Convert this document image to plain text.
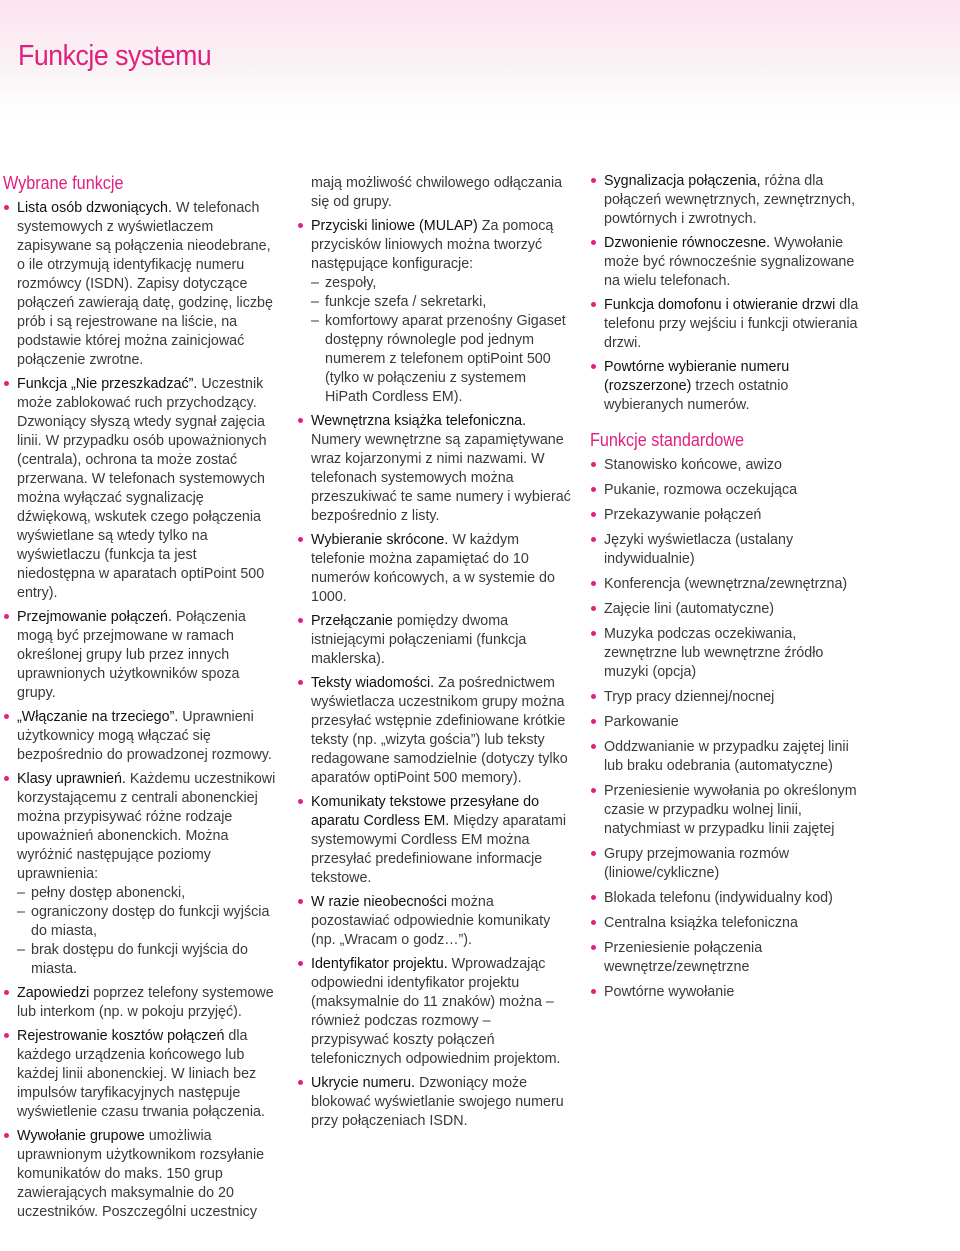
Funkcje systemu
Wybrane funkcje
Lista osób dzwoniących. W telefonach systemowych z wyświetlaczem zapisywane są połączenia nieodebrane, o ile otrzymują identyfikację numeru rozmówcy (ISDN). Zapisy dotyczące połączeń zawierają datę, godzinę, liczbę prób i są rejestrowane na liście, na podstawie której można zainicjować połączenie zwrotne.
Funkcja „Nie przeszkadzać”. Uczestnik może zablokować ruch przychodzący. Dzwoniący słyszą wtedy sygnał zajęcia linii. W przypadku osób upoważnionych (centrala), ochrona ta może zostać przerwana. W telefonach systemowych można wyłączać sygnalizację dźwiękową, wskutek czego połączenia wyświetlane są wtedy tylko na wyświetlaczu (funkcja ta jest niedostępna w aparatach optiPoint 500 entry).
Przejmowanie połączeń. Połączenia mogą być przejmowane w ramach określonej grupy lub przez innych uprawnionych użytkowników spoza grupy.
„Włączanie na trzeciego”. Uprawnieni użytkownicy mogą włączać się bezpośrednio do prowadzonej rozmowy.
Klasy uprawnień. Każdemu uczestnikowi korzystającemu z centrali abonenckiej można przypisywać różne rodzaje upoważnień abonenckich. Można wyróżnić następujące poziomy uprawnienia:
– pełny dostęp abonencki,
– ograniczony dostęp do funkcji wyjścia do miasta,
– brak dostępu do funkcji wyjścia do miasta.
Zapowiedzi poprzez telefony systemowe lub interkom (np. w pokoju przyjęć).
Rejestrowanie kosztów połączeń dla każdego urządzenia końcowego lub każdej linii abonenckiej. W liniach bez impulsów taryfikacyjnych następuje wyświetlenie czasu trwania połączenia.
Wywołanie grupowe umożliwia uprawnionym użytkownikom rozsyłanie komunikatów do maks. 150 grup zawierających maksymalnie do 20 uczestników. Poszczególni uczestnicy
mają możliwość chwilowego odłączania się od grupy.
Przyciski liniowe (MULAP) Za pomocą przycisków liniowych można tworzyć następujące konfiguracje:
– zespoły,
– funkcje szefa / sekretarki,
– komfortowy aparat przenośny Gigaset dostępny równolegle pod jednym numerem z telefonem optiPoint 500 (tylko w połączeniu z systemem HiPath Cordless EM).
Wewnętrzna książka telefoniczna. Numery wewnętrzne są zapamiętywane wraz kojarzonymi z nimi nazwami. W telefonach systemowych można przeszukiwać te same numery i wybierać bezpośrednio z listy.
Wybieranie skrócone. W każdym telefonie można zapamiętać do 10 numerów końcowych, a w systemie do 1000.
Przełączanie pomiędzy dwoma istniejącymi połączeniami (funkcja maklerska).
Teksty wiadomości. Za pośrednictwem wyświetlacza uczestnikom grupy można przesyłać wstępnie zdefiniowane krótkie teksty (np. „wizyta gościa”) lub teksty redagowane samodzielnie (dotyczy tylko aparatów optiPoint 500 memory).
Komunikaty tekstowe przesyłane do aparatu Cordless EM. Między aparatami systemowymi Cordless EM można przesyłać predefiniowane informacje tekstowe.
W razie nieobecności można pozostawiać odpowiednie komunikaty (np. „Wracam o godz…”).
Identyfikator projektu. Wprowadzając odpowiedni identyfikator projektu (maksymalnie do 11 znaków) można – również podczas rozmowy – przypisywać koszty połączeń telefonicznych odpowiednim projektom.
Ukrycie numeru. Dzwoniący może blokować wyświetlanie swojego numeru przy połączeniach ISDN.
Sygnalizacja połączenia, różna dla połączeń wewnętrznych, zewnętrznych, powtórnych i zwrotnych.
Dzwonienie równoczesne. Wywołanie może być równocześnie sygnalizowane na wielu telefonach.
Funkcja domofonu i otwieranie drzwi dla telefonu przy wejściu i funkcji otwierania drzwi.
Powtórne wybieranie numeru (rozszerzone) trzech ostatnio wybieranych numerów.
Funkcje standardowe
Stanowisko końcowe, awizo
Pukanie, rozmowa oczekująca
Przekazywanie połączeń
Języki wyświetlacza (ustalany indywidualnie)
Konferencja (wewnętrzna/zewnętrzna)
Zajęcie lini (automatyczne)
Muzyka podczas oczekiwania, zewnętrzne lub wewnętrzne źródło muzyki (opcja)
Tryp pracy dziennej/nocnej
Parkowanie
Oddzwanianie w przypadku zajętej linii lub braku odebrania (automatyczne)
Przeniesienie wywołania po określonym czasie w przypadku wolnej linii, natychmiast w przypadku linii zajętej
Grupy przejmowania rozmów (liniowe/cykliczne)
Blokada telefonu (indywidualny kod)
Centralna książka telefoniczna
Przeniesienie połączenia wewnętrze/zewnętrzne
Powtórne wywołanie
